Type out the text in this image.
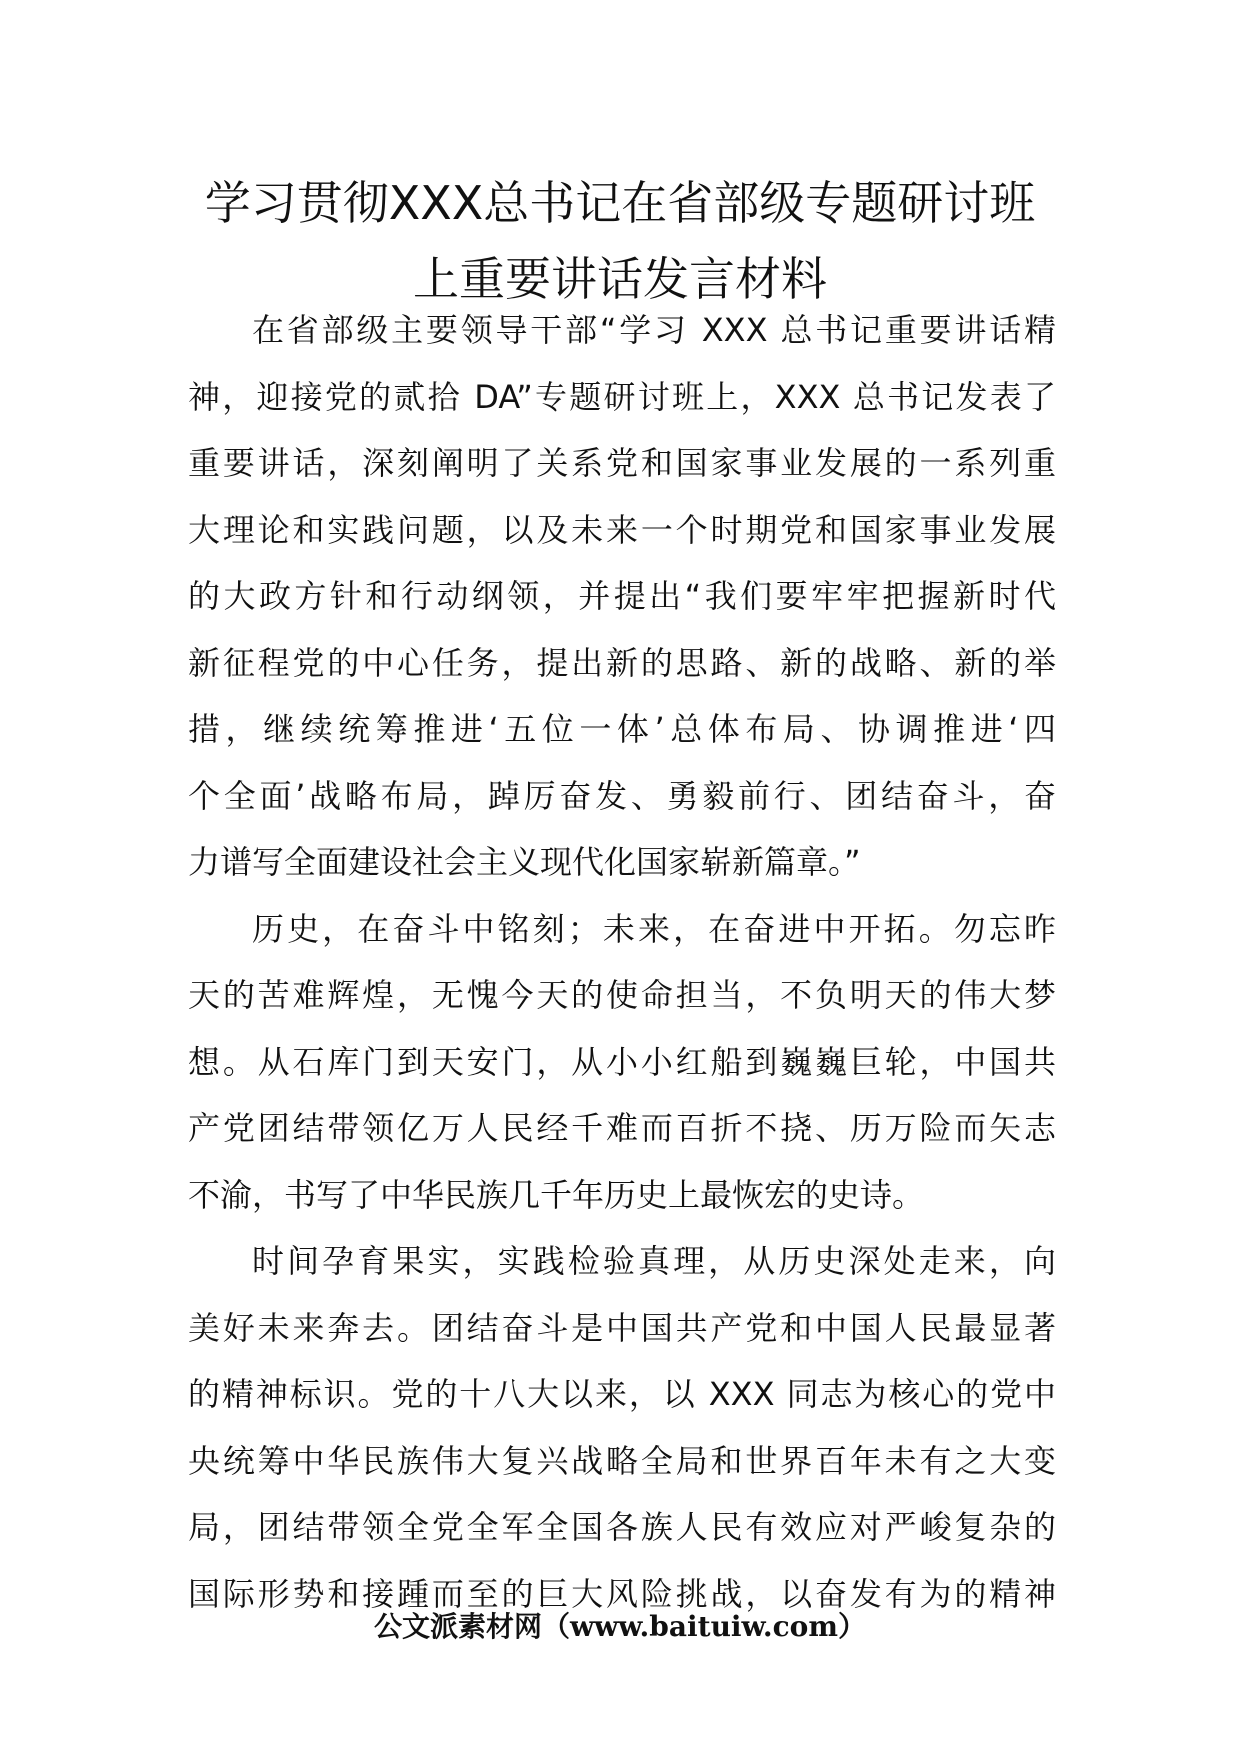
学习贯彻XXX总书记在省部级专题研讨班
上重要讲话发言材料

在省部级主要领导干部“学习 XXX 总书记重要讲话精
神，迎接党的贰拾 DA”专题研讨班上，XXX 总书记发表了
重要讲话，深刻阐明了关系党和国家事业发展的一系列重
大理论和实践问题，以及未来一个时期党和国家事业发展
的大政方针和行动纲领，并提出“我们要牢牢把握新时代
新征程党的中心任务，提出新的思路、新的战略、新的举
措，继续统筹推进‘五位一体’总体布局、协调推进‘四
个全面’战略布局，踔厉奋发、勇毅前行、团结奋斗，奋
力谱写全面建设社会主义现代化国家崭新篇章。”

历史，在奋斗中铭刻；未来，在奋进中开拓。勿忘昨
天的苦难辉煌，无愧今天的使命担当，不负明天的伟大梦
想。从石库门到天安门，从小小红船到巍巍巨轮，中国共
产党团结带领亿万人民经千难而百折不挠、历万险而矢志
不渝，书写了中华民族几千年历史上最恢宏的史诗。

时间孕育果实，实践检验真理，从历史深处走来，向
美好未来奔去。团结奋斗是中国共产党和中国人民最显著
的精神标识。党的十八大以来，以 XXX 同志为核心的党中
央统筹中华民族伟大复兴战略全局和世界百年未有之大变
局，团结带领全党全军全国各族人民有效应对严峻复杂的
国际形势和接踵而至的巨大风险挑战，以奋发有为的精神

公文派素材网（www.baituiw.com）
